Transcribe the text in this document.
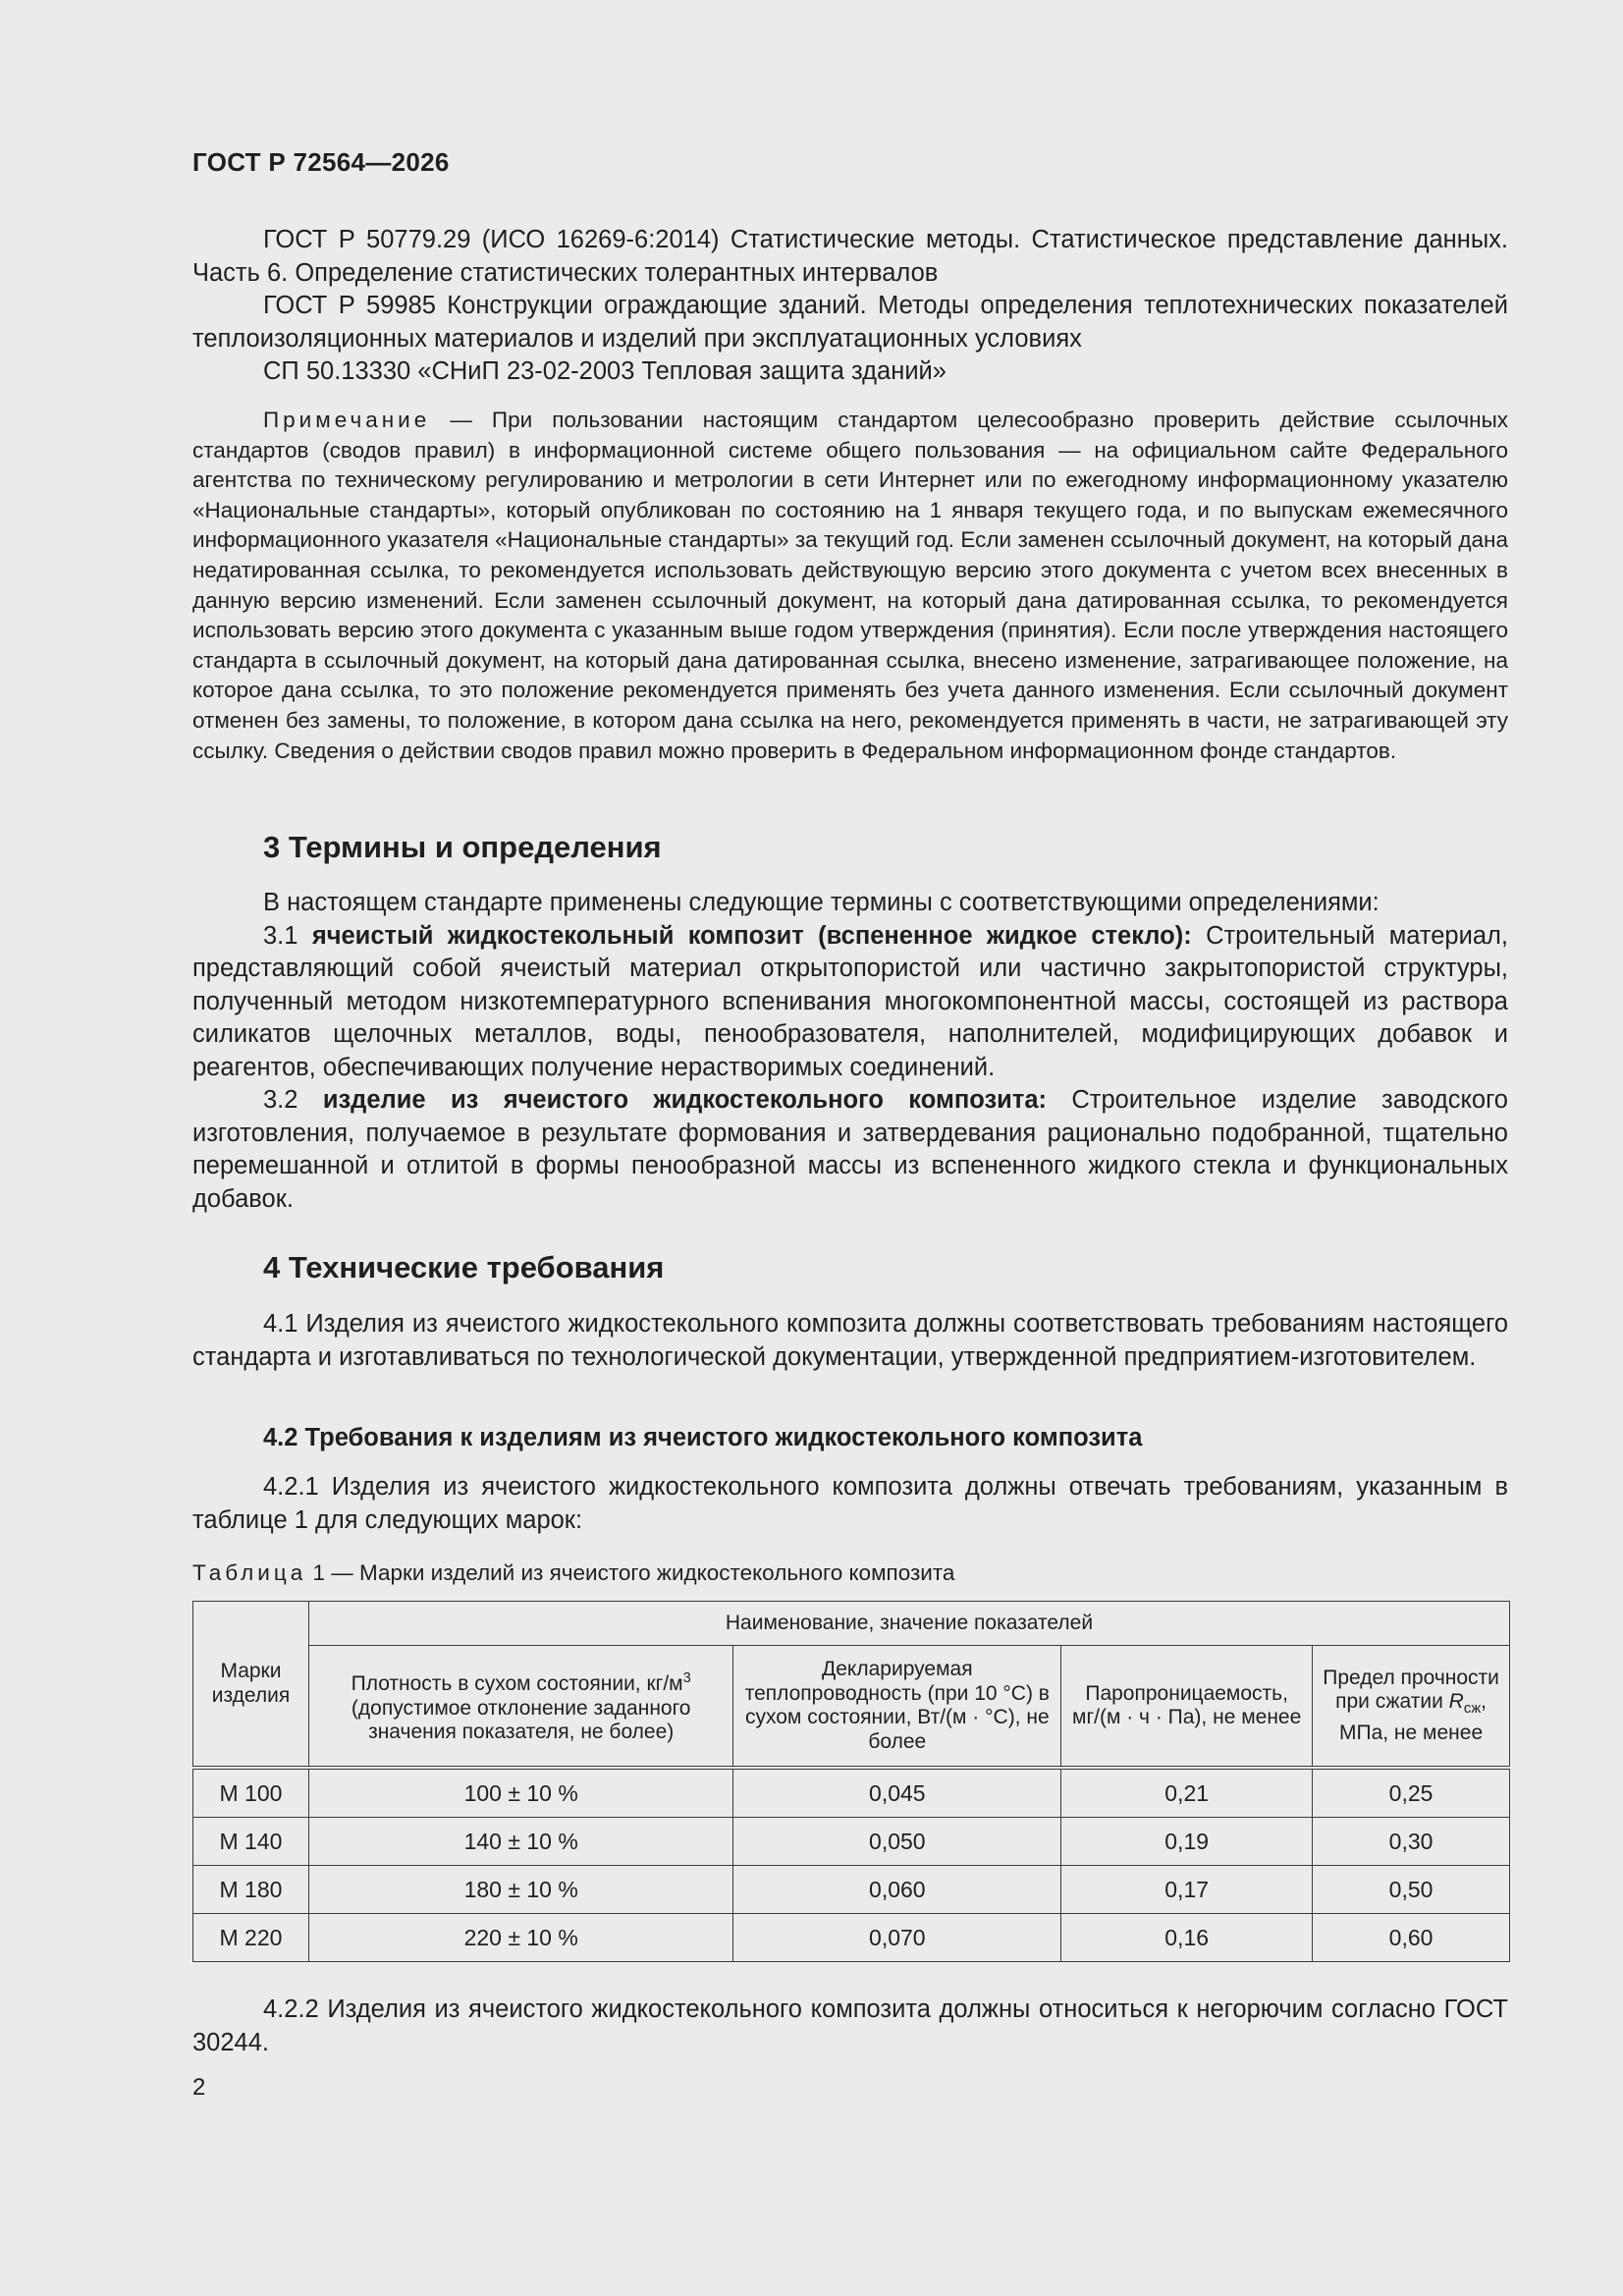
ГОСТ Р 72564—2026

ГОСТ Р 50779.29 (ИСО 16269-6:2014) Статистические методы. Статистическое представление данных. Часть 6. Определение статистических толерантных интервалов

ГОСТ Р 59985 Конструкции ограждающие зданий. Методы определения теплотехнических показателей теплоизоляционных материалов и изделий при эксплуатационных условиях

СП 50.13330 «СНиП 23-02-2003 Тепловая защита зданий»

Примечание — При пользовании настоящим стандартом целесообразно проверить действие ссылочных стандартов (сводов правил) в информационной системе общего пользования — на официальном сайте Федерального агентства по техническому регулированию и метрологии в сети Интернет или по ежегодному информационному указателю «Национальные стандарты», который опубликован по состоянию на 1 января текущего года, и по выпускам ежемесячного информационного указателя «Национальные стандарты» за текущий год. Если заменен ссылочный документ, на который дана недатированная ссылка, то рекомендуется использовать действующую версию этого документа с учетом всех внесенных в данную версию изменений. Если заменен ссылочный документ, на который дана датированная ссылка, то рекомендуется использовать версию этого документа с указанным выше годом утверждения (принятия). Если после утверждения настоящего стандарта в ссылочный документ, на который дана датированная ссылка, внесено изменение, затрагивающее положение, на которое дана ссылка, то это положение рекомендуется применять без учета данного изменения. Если ссылочный документ отменен без замены, то положение, в котором дана ссылка на него, рекомендуется применять в части, не затрагивающей эту ссылку. Сведения о действии сводов правил можно проверить в Федеральном информационном фонде стандартов.

3 Термины и определения

В настоящем стандарте применены следующие термины с соответствующими определениями:

3.1 ячеистый жидкостекольный композит (вспененное жидкое стекло): Строительный материал, представляющий собой ячеистый материал открытопористой или частично закрытопористой структуры, полученный методом низкотемпературного вспенивания многокомпонентной массы, состоящей из раствора силикатов щелочных металлов, воды, пенообразователя, наполнителей, модифицирующих добавок и реагентов, обеспечивающих получение нерастворимых соединений.

3.2 изделие из ячеистого жидкостекольного композита: Строительное изделие заводского изготовления, получаемое в результате формования и затвердевания рационально подобранной, тщательно перемешанной и отлитой в формы пенообразной массы из вспененного жидкого стекла и функциональных добавок.

4 Технические требования

4.1 Изделия из ячеистого жидкостекольного композита должны соответствовать требованиям настоящего стандарта и изготавливаться по технологической документации, утвержденной предприятием-изготовителем.

4.2 Требования к изделиям из ячеистого жидкостекольного композита

4.2.1 Изделия из ячеистого жидкостекольного композита должны отвечать требованиям, указанным в таблице 1 для следующих марок:

Таблица 1 — Марки изделий из ячеистого жидкостекольного композита
Марки изделия	Наименование, значение показателей			
	Плотность в сухом состоянии, $кг/м^3$ (допустимое отклонение заданного значения показателя, не более)	Декларируемая теплопроводность (при 10 °С) в сухом состоянии, Вт/(м · °С), не более	Паропроницаемость, мг/(м · ч · Па), не менее	Предел прочности при сжатии $R_{сж}$, МПа, не менее
М 100	100 ± 10 %	0,045	0,21	0,25
М 140	140 ± 10 %	0,050	0,19	0,30
М 180	180 ± 10 %	0,060	0,17	0,50
М 220	220 ± 10 %	0,070	0,16	0,60

4.2.2 Изделия из ячеистого жидкостекольного композита должны относиться к негорючим согласно ГОСТ 30244.

2
